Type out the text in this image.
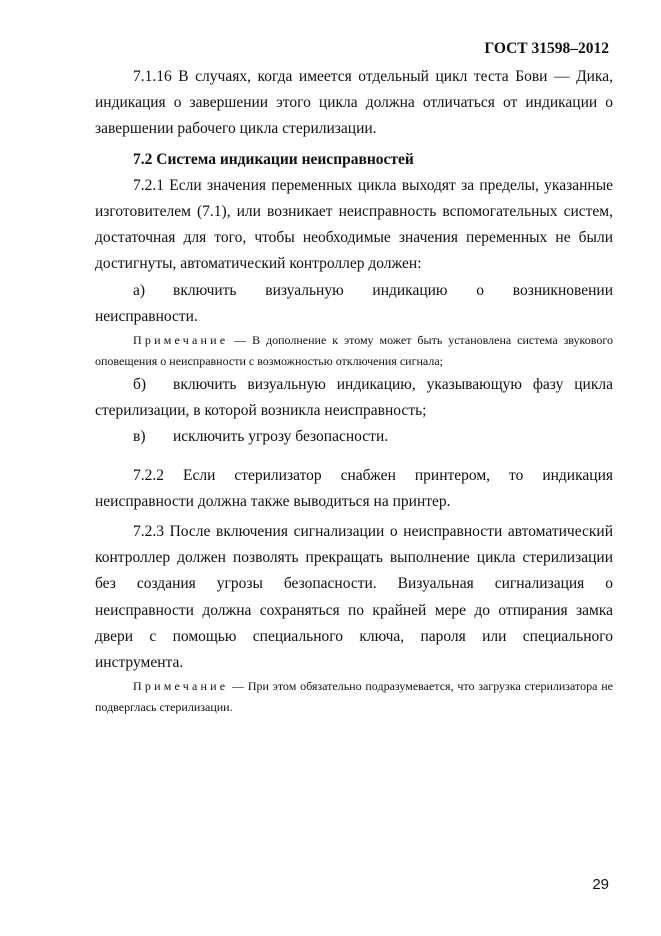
ГОСТ 31598–2012

7.1.16 В случаях, когда имеется отдельный цикл теста Бови — Дика, индикация о завершении этого цикла должна отличаться от индикации о завершении рабочего цикла стерилизации.

7.2 Система индикации неисправностей

7.2.1 Если значения переменных цикла выходят за пределы, указанные изготовителем (7.1), или возникает неисправность вспомогательных систем, достаточная для того, чтобы необходимые значения переменных не были достигнуты, автоматический контроллер должен:

а) включить визуальную индикацию о возникновении неисправности.

Примечание — В дополнение к этому может быть установлена система звукового оповещения о неисправности с возможностью отключения сигнала;

б) включить визуальную индикацию, указывающую фазу цикла стерилизации, в которой возникла неисправность;

в) исключить угрозу безопасности.

7.2.2 Если стерилизатор снабжен принтером, то индикация неисправности должна также выводиться на принтер.

7.2.3 После включения сигнализации о неисправности автоматический контроллер должен позволять прекращать выполнение цикла стерилизации без создания угрозы безопасности. Визуальная сигнализация о неисправности должна сохраняться по крайней мере до отпирания замка двери с помощью специального ключа, пароля или специального инструмента.

Примечание — При этом обязательно подразумевается, что загрузка стерилизатора не подверглась стерилизации.

29
